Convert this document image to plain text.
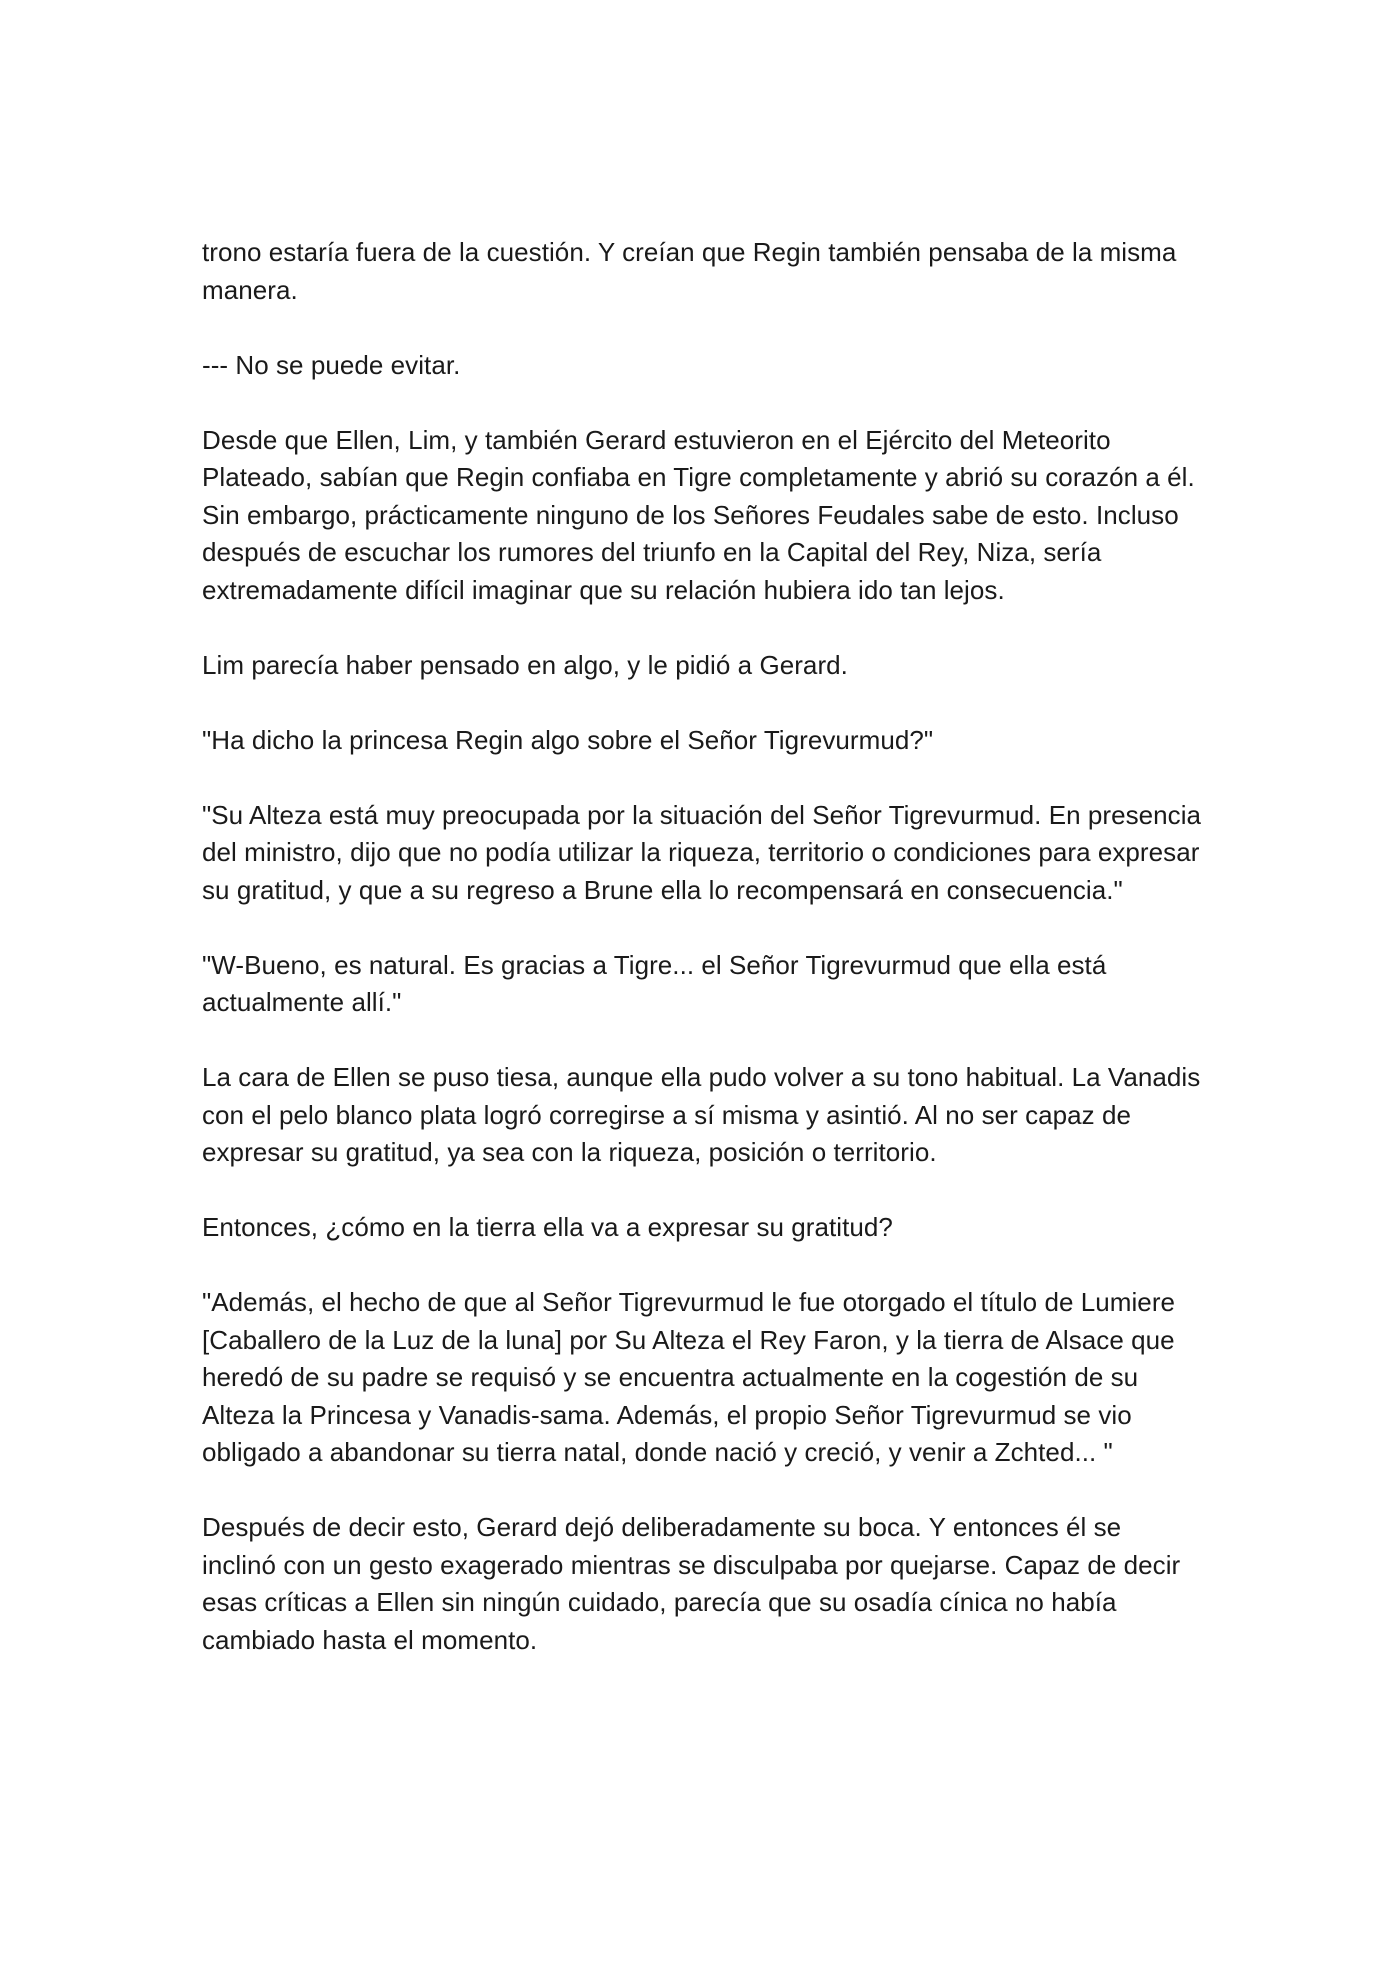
trono estaría fuera de la cuestión. Y creían que Regin también pensaba de la misma manera.

--- No se puede evitar.

Desde que Ellen, Lim, y también Gerard estuvieron en el Ejército del Meteorito Plateado, sabían que Regin confiaba en Tigre completamente y abrió su corazón a él. Sin embargo, prácticamente ninguno de los Señores Feudales sabe de esto. Incluso después de escuchar los rumores del triunfo en la Capital del Rey, Niza, sería extremadamente difícil imaginar que su relación hubiera ido tan lejos.

Lim parecía haber pensado en algo, y le pidió a Gerard.

"Ha dicho la princesa Regin algo sobre el Señor Tigrevurmud?"

"Su Alteza está muy preocupada por la situación del Señor Tigrevurmud. En presencia del ministro, dijo que no podía utilizar la riqueza, territorio o condiciones para expresar su gratitud, y que a su regreso a Brune ella lo recompensará en consecuencia."

"W-Bueno, es natural. Es gracias a Tigre... el Señor Tigrevurmud que ella está actualmente allí."

La cara de Ellen se puso tiesa, aunque ella pudo volver a su tono habitual. La Vanadis con el pelo blanco plata logró corregirse a sí misma y asintió. Al no ser capaz de expresar su gratitud, ya sea con la riqueza, posición o territorio.

Entonces, ¿cómo en la tierra ella va a expresar su gratitud?

"Además, el hecho de que al Señor Tigrevurmud le fue otorgado el título de Lumiere [Caballero de la Luz de la luna] por Su Alteza el Rey Faron, y la tierra de Alsace que heredó de su padre se requisó y se encuentra actualmente en la cogestión de su Alteza la Princesa y Vanadis-sama. Además, el propio Señor Tigrevurmud se vio obligado a abandonar su tierra natal, donde nació y creció, y venir a Zchted... "

Después de decir esto, Gerard dejó deliberadamente su boca. Y entonces él se inclinó con un gesto exagerado mientras se disculpaba por quejarse. Capaz de decir esas críticas a Ellen sin ningún cuidado, parecía que su osadía cínica no había cambiado hasta el momento.
